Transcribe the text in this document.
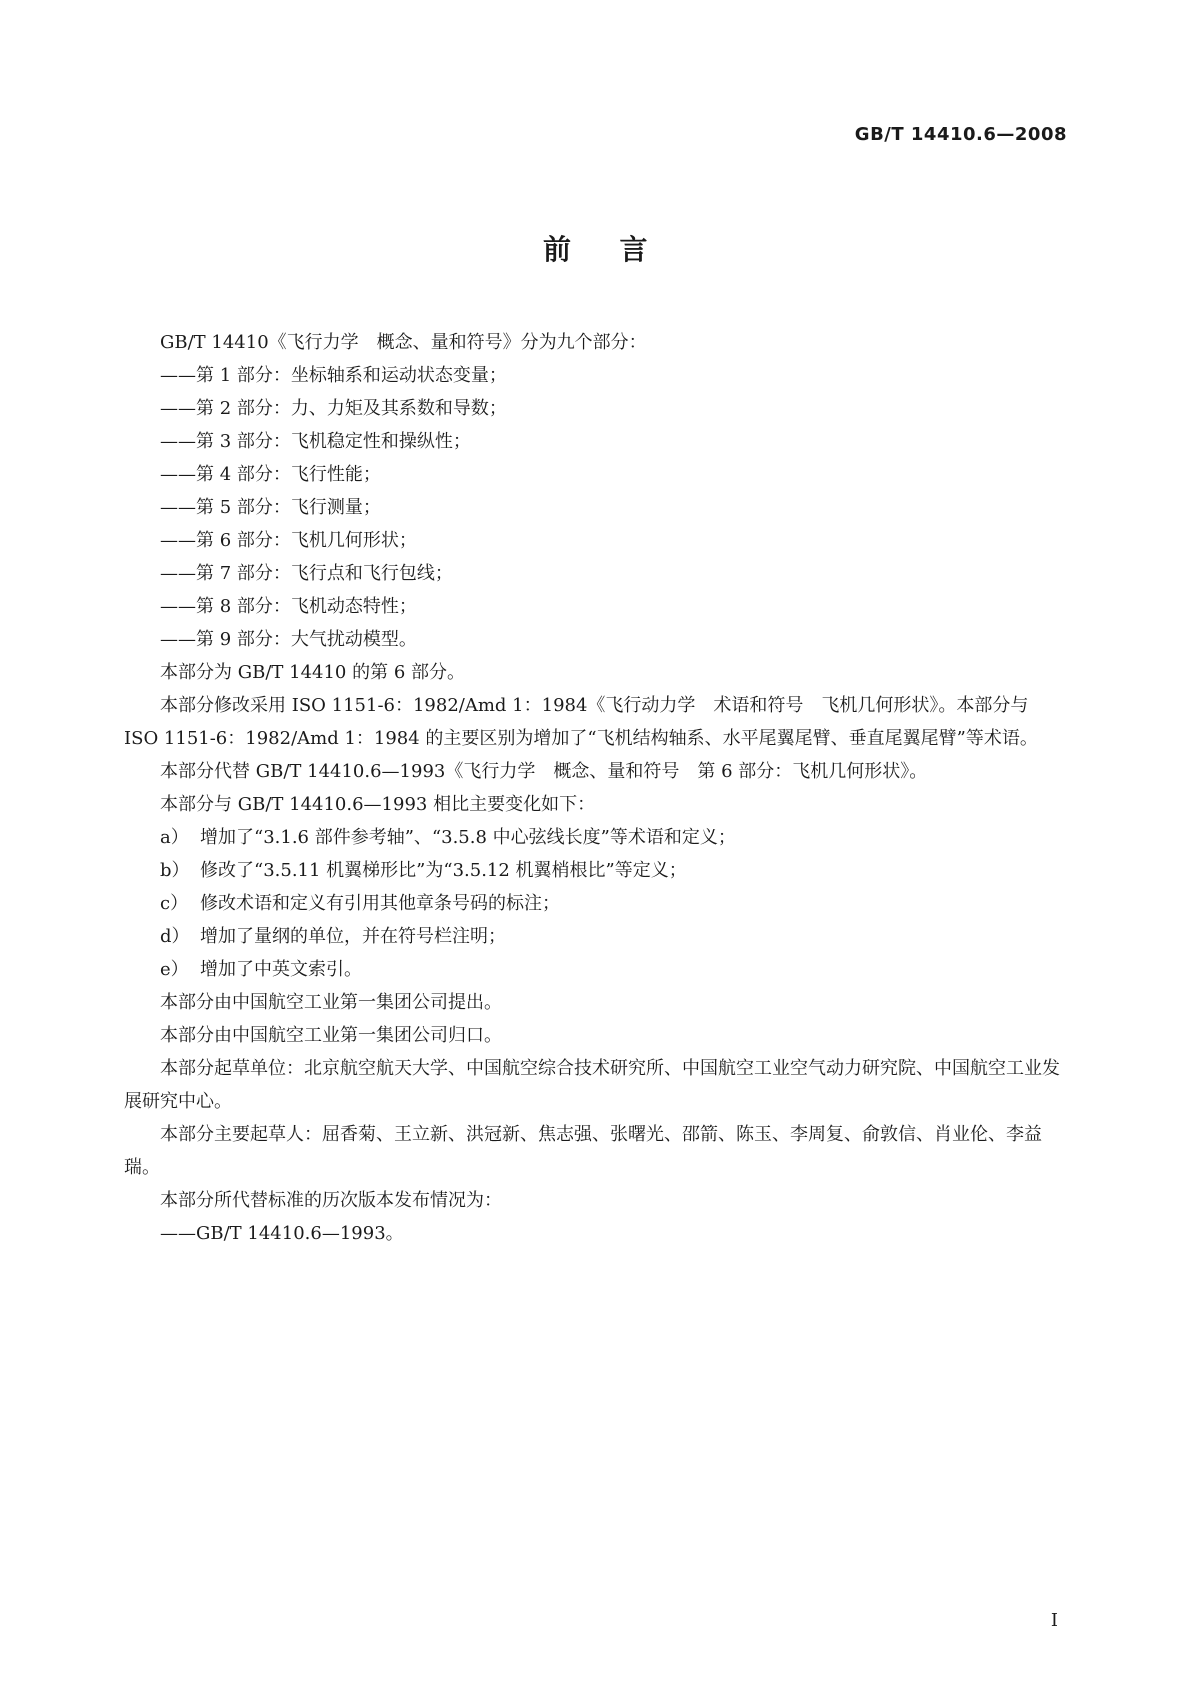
GB/T 14410.6—2008
前 言

GB/T 14410《飞行力学　概念、量和符号》分为九个部分：

——第 1 部分：坐标轴系和运动状态变量；

——第 2 部分：力、力矩及其系数和导数；

——第 3 部分：飞机稳定性和操纵性；

——第 4 部分：飞行性能；

——第 5 部分：飞行测量；

——第 6 部分：飞机几何形状；

——第 7 部分：飞行点和飞行包线；

——第 8 部分：飞机动态特性；

——第 9 部分：大气扰动模型。

本部分为 GB/T 14410 的第 6 部分。

本部分修改采用 ISO 1151-6：1982/Amd 1：1984《飞行动力学　术语和符号　飞机几何形状》。本部分与 ISO 1151-6：1982/Amd 1：1984 的主要区别为增加了“飞机结构轴系、水平尾翼尾臂、垂直尾翼尾臂”等术语。

本部分代替 GB/T 14410.6—1993《飞行力学　概念、量和符号　第 6 部分：飞机几何形状》。

本部分与 GB/T 14410.6—1993 相比主要变化如下：

a） 增加了“3.1.6 部件参考轴”、“3.5.8 中心弦线长度”等术语和定义；

b） 修改了“3.5.11 机翼梯形比”为“3.5.12 机翼梢根比”等定义；

c） 修改术语和定义有引用其他章条号码的标注；

d） 增加了量纲的单位，并在符号栏注明；

e） 增加了中英文索引。

本部分由中国航空工业第一集团公司提出。

本部分由中国航空工业第一集团公司归口。

本部分起草单位：北京航空航天大学、中国航空综合技术研究所、中国航空工业空气动力研究院、中国航空工业发展研究中心。

本部分主要起草人：屈香菊、王立新、洪冠新、焦志强、张曙光、邵箭、陈玉、李周复、俞敦信、肖业伦、李益瑞。

本部分所代替标准的历次版本发布情况为：

——GB/T 14410.6—1993。

I
